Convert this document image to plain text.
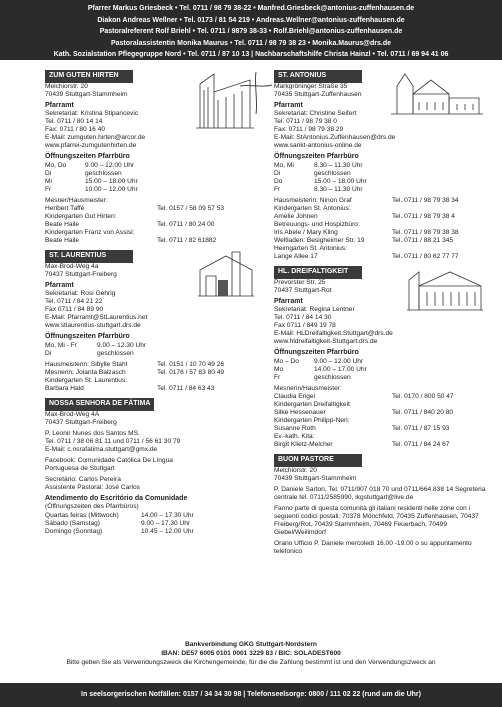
Pfarrer Markus Griesbeck • Tel. 0711 / 98 79 38-22 • Manfred.Griesbeck@antonius-zuffenhausen.de
Diakon Andreas Wellner • Tel. 0173 / 81 54 219 • Andreas.Wellner@antonius-zuffenhausen.de
Pastoralreferent Rolf Briehl • Tel. 0711 / 9879 38-33 • Rolf.Briehl@antonius-zuffenhausen.de
Pastoralassistentin Monika Maurus • Tel. 0711 / 98 79 38 23 • Monika.Maurus@drs.de
Kath. Sozialstation Pflegegruppe Nord • Tel. 0711 / 87 10 13 | Nachbarschaftshilfe Christa Hainzl • Tel. 0711 / 69 94 41 06
ZUM GUTEN HIRTEN
Melchiorstr. 20
70439 Stuttgart-Stammheim
Pfarramt
Sekretariat: Kristina Stipancevic
Tel. 0711 / 80 14 14
Fax: 0711 / 80 16 40
E-Mail: zumguten.hirten@arcor.de
www.pfarrei-zumgutenhirten.de
Öffnungszeiten Pfarrbüro
Mo, Do	9.00 – 12.00 Uhr
Di	geschlossen
Mi	15.00 – 18.00 Uhr
Fr	10.00 – 12.00 Uhr
Mesner/Hausmeister:
Heribert Taffé	Tel. 0157 / 58 09 57 53
Kindergarten Gut Hirten:
Beate Haile	Tel. 0711 / 80 24 00
Kindergarten Franz von Assisi:
Beate Haile	Tel. 0711 / 82 61882
ST. LAURENTIUS
Max-Brod-Weg 4a
70437 Stuttgart-Freiberg
Pfarramt
Sekretariat: Rosi Gehrig
Tel. 0711 / 84 21 22
Fax 0711 / 84 89 90
E-Mail: Pfarramt@StLaurentius.net
www.stlaurentius-stuttgart.drs.de
Öffnungszeiten Pfarrbüro
Mo, Mi - Fr	9.00 – 12.30 Uhr
Di	geschlossen
Hausmeisterin: Sibylle Stahl	Tel. 0151 / 10 70 49 26
Mesnerin: Jolanta Balzasch	Tel. 0176 / 57 83 80 49
Kindergarten St. Laurentius:
Barbara Hald	Tel. 0711 / 84 63 43
NOSSA SENHORA DE FÁTIMA
Max-Brod-Weg 4A
70437 Stuttgart-Freiberg
P. Leonir Nunes dos Santos MS.
Tel. 0711 / 38 06 81 11 und 0711 / 56 61 30 79
E-Mail: c.nsrafatima.stuttgart@gmx.de
Facebook: Comunidade Católica De Língua
Portuguesa de Stuttgart
Secretário: Carlos Pereira
Assistente Pastoral: José Carlos
Atendimento do Escritório da Comunidade
(Öffnungszeiten des Pfarrbüros)
Quartas feiras (Mittwoch)	14.00 – 17.30 Uhr
Sábado (Samstag)	9.00 – 17.30 Uhr
Domingo (Sonntag)	10.45 – 12.00 Uhr
ST. ANTONIUS
Markgröninger Straße 35
70435 Stuttgart-Zuffenhausen
Pfarramt
Sekretariat: Christine Seifert
Tel. 0711 / 98 79 38 0
Fax: 0711 / 98 79 38 29
E-Mail: StAntonius.Zuffenhausen@drs.de
www.sankt-antonius-online.de
Öffnungszeiten Pfarrbüro
Mo, Mi	8.30 – 11.30 Uhr
Di	geschlossen
Do	15.00 – 18.00 Uhr
Fr	8.30 – 11.30 Uhr
Hausmeisterin: Ninon Graf	Tel. 0711 / 98 79 38 34
Kindergarten St. Antonius:
Amelie Johnen	Tel. 0711 / 98 79 38 4
Betreuungs- und Hospizbüro:
Iris Abele / Mary Kling	Tel. 0711 / 98 79 38 38
Weltladen: Besigheimer Str. 19	Tel. 0711 / 88 21 345
Heimgarten St. Antonius:
Lange Allee 17	Tel. 0711 / 80 62 77 77
HL. DREIFALTIGKEIT
Prevorster Str. 25
70437 Stuttgart-Rot
Pfarramt
Sekretariat: Regina Lentner
Tel. 0711 / 84 14 30
Fax 0711 / 849 19 78
E-Mail: HLDreifaltigkeit.Stuttgart@drs.de
www.hldreifaltigkeit-Stuttgart.drs.de
Öffnungszeiten Pfarrbüro
Mo – Do	9.00 – 12.00 Uhr
Mo	14.00 – 17.00 Uhr
Fr	geschlossen
Mesnerin/Hausmeister:
Claudia Engel	Tel. 0170 / 800 50 47
Kindergarten Dreifaltigkeit:
Silke Hessenauer	Tel. 0711 / 840 20 80
Kindergarten Philipp-Neri:
Susanne Roth	Tel. 0711 / 87 15 93
Ev.-kath. Kita:
Birgit Klietz-Melcher	Tel. 0711 / 84 24 67
BUON PASTORE
Melchiorstr. 20
70439 Stuttgart-Stammheim
P. Daniele Sartori, Tel. 0711/907 018 70 und 0711/664 838 14 Segreteria centrale tel. 0711/2585990, ikgstuttgart@live.de
Fanno parte di questa comunità gli italiani residenti nelle zone con i seguenti codici postali: 70378 Mönchfeld, 70435 Zuffenhausen, 70437 Freiberg/Rot, 70439 Stammheim, 70469 Feuerbach, 70499 Giebel/Weilimdorf
Orario Ufficio P. Daniele mercoledì 16.00 -19.00 o su appuntamento telefonico
Bankverbindung GKG Stuttgart-Nordstern
IBAN: DE57 6005 0101 0001 3229 83 / BIC: SOLADEST600
Bitte geben Sie als Verwendungszweck die Kirchengemeinde, für die die Zahlung bestimmt ist und den Verwendungszweck an
In seelsorgerischen Notfällen: 0157 / 34 34 30 98 | Telefonseelsorge: 0800 / 111 02 22 (rund um die Uhr)
